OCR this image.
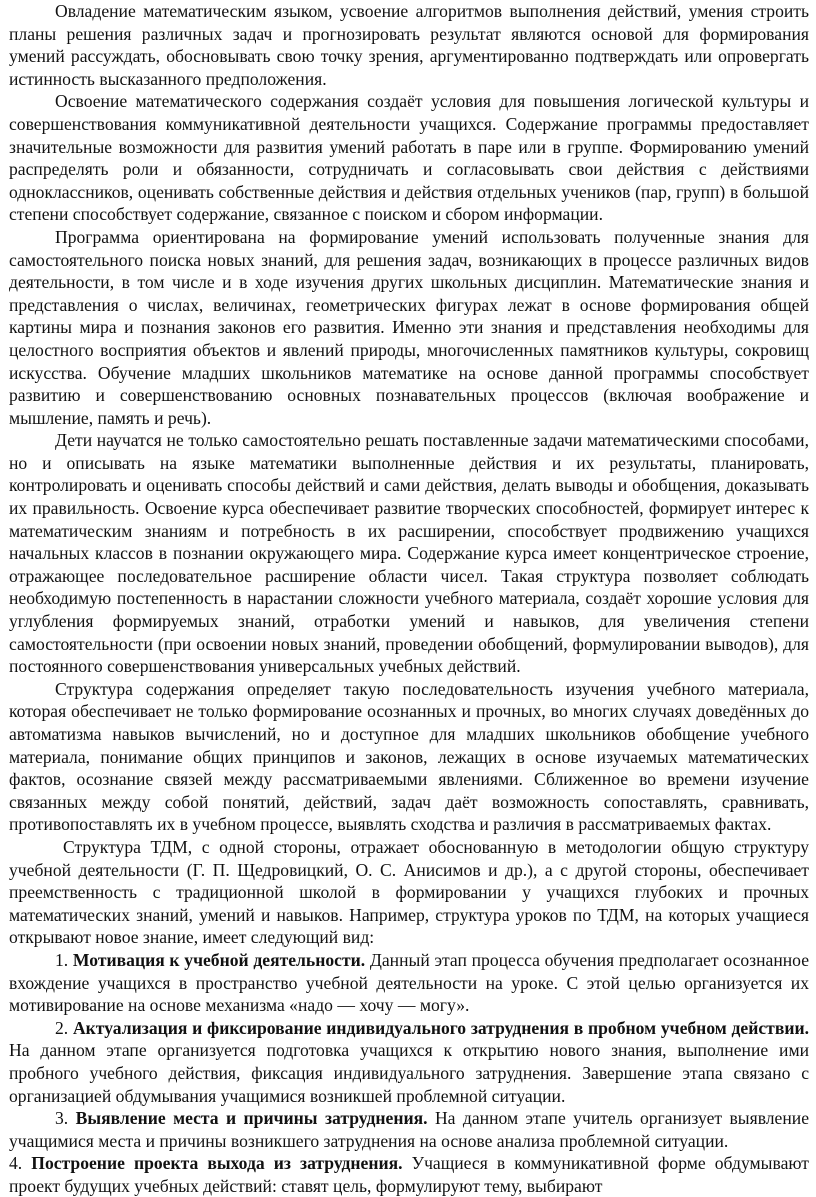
Овладение математическим языком, усвоение алгоритмов выполнения действий, умения строить планы решения различных задач и прогнозировать результат являются основой для формирования умений рассуждать, обосновывать свою точку зрения, аргументированно подтверждать или опровергать истинность высказанного предположения.

Освоение математического содержания создаёт условия для повышения логической культуры и совершенствования коммуникативной деятельности учащихся. Содержание программы предоставляет значительные возможности для развития умений работать в паре или в группе. Формированию умений распределять роли и обязанности, сотрудничать и согласовывать свои действия с действиями одноклассников, оценивать собственные действия и действия отдельных учеников (пар, групп) в большой степени способствует содержание, связанное с поиском и сбором информации.

Программа ориентирована на формирование умений использовать полученные знания для самостоятельного поиска новых знаний, для решения задач, возникающих в процессе различных видов деятельности, в том числе и в ходе изучения других школьных дисциплин. Математические знания и представления о числах, величинах, геометрических фигурах лежат в основе формирования общей картины мира и познания законов его развития. Именно эти знания и представления необходимы для целостного восприятия объектов и явлений природы, многочисленных памятников культуры, сокровищ искусства. Обучение младших школьников математике на основе данной программы способствует развитию и совершенствованию основных познавательных процессов (включая воображение и мышление, память и речь).

Дети научатся не только самостоятельно решать поставленные задачи математическими способами, но и описывать на языке математики выполненные действия и их результаты, планировать, контролировать и оценивать способы действий и сами действия, делать выводы и обобщения, доказывать их правильность. Освоение курса обеспечивает развитие творческих способностей, формирует интерес к математическим знаниям и потребность в их расширении, способствует продвижению учащихся начальных классов в познании окружающего мира. Содержание курса имеет концентрическое строение, отражающее последовательное расширение области чисел. Такая структура позволяет соблюдать необходимую постепенность в нарастании сложности учебного материала, создаёт хорошие условия для углубления формируемых знаний, отработки умений и навыков, для увеличения степени самостоятельности (при освоении новых знаний, проведении обобщений, формулировании выводов), для постоянного совершенствования универсальных учебных действий.

Структура содержания определяет такую последовательность изучения учебного материала, которая обеспечивает не только формирование осознанных и прочных, во многих случаях доведённых до автоматизма навыков вычислений, но и доступное для младших школьников обобщение учебного материала, понимание общих принципов и законов, лежащих в основе изучаемых математических фактов, осознание связей между рассматриваемыми явлениями. Сближенное во времени изучение связанных между собой понятий, действий, задач даёт возможность сопоставлять, сравнивать, противопоставлять их в учебном процессе, выявлять сходства и различия в рассматриваемых фактах.

Структура ТДМ, с одной стороны, отражает обоснованную в методологии общую структуру учебной деятельности (Г. П. Щедровицкий, О. С. Анисимов и др.), а с другой стороны, обеспечивает преемственность с традиционной школой в формировании у учащихся глубоких и прочных математических знаний, умений и навыков. Например, структура уроков по ТДМ, на которых учащиеся открывают новое знание, имеет следующий вид:

1. Мотивация к учебной деятельности. Данный этап процесса обучения предполагает осознанное вхождение учащихся в пространство учебной деятельности на уроке. С этой целью организуется их мотивирование на основе механизма «надо — хочу — могу».

2. Актуализация и фиксирование индивидуального затруднения в пробном учебном действии. На данном этапе организуется подготовка учащихся к открытию нового знания, выполнение ими пробного учебного действия, фиксация индивидуального затруднения. Завершение этапа связано с организацией обдумывания учащимися возникшей проблемной ситуации.

3. Выявление места и причины затруднения. На данном этапе учитель организует выявление учащимися места и причины возникшего затруднения на основе анализа проблемной ситуации.

4. Построение проекта выхода из затруднения. Учащиеся в коммуникативной форме обдумывают проект будущих учебных действий: ставят цель, формулируют тему, выбирают
